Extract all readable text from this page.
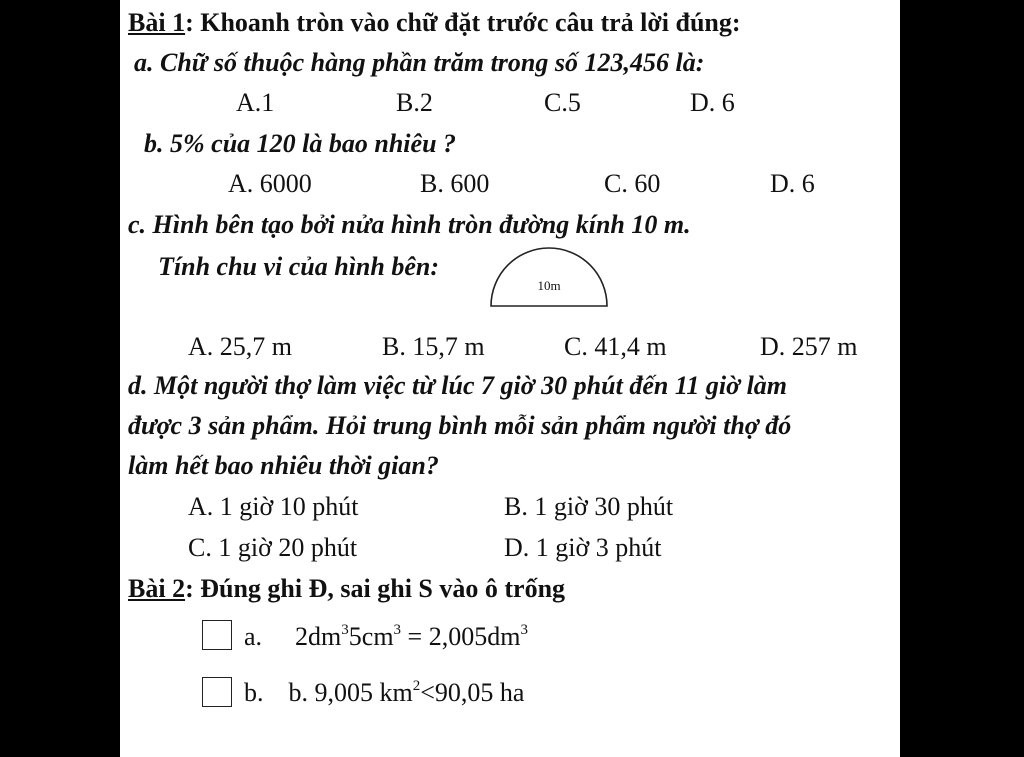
Bài 1: Khoanh tròn vào chữ đặt trước câu trả lời đúng:
a. Chữ số thuộc hàng phần trăm trong số 123,456 là:
A.1	B.2	C.5	D. 6
b. 5% của 120 là bao nhiêu ?
A. 6000	B. 600	C. 60	D. 6
c. Hình bên tạo bởi nửa hình tròn đường kính 10 m.
Tính chu vi của hình bên:
10m
A. 25,7 m	B. 15,7 m	C. 41,4 m	D. 257 m
d. Một người thợ làm việc từ lúc 7 giờ 30 phút đến 11 giờ làm
được 3 sản phẩm. Hỏi trung bình mỗi sản phẩm người thợ đó
làm hết bao nhiêu thời gian?
A. 1 giờ 10 phút	B. 1 giờ 30 phút
C. 1 giờ 20 phút	D. 1 giờ 3 phút
Bài 2: Đúng ghi Đ, sai ghi S vào ô trống
a. $2dm^35cm^3 = 2,005dm^3$
b. b. 9,005 $km^2<90,05$ ha
